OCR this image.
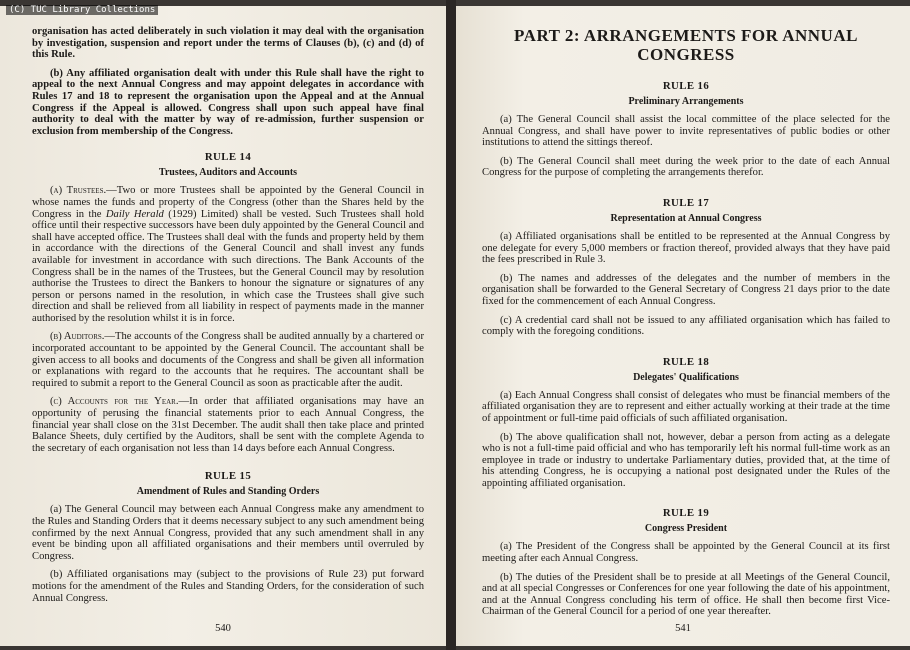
(C) TUC Library Collections

organisation has acted deliberately in such violation it may deal with the organisation by investigation, suspension and report under the terms of Clauses (b), (c) and (d) of this Rule.

(b) Any affiliated organisation dealt with under this Rule shall have the right to appeal to the next Annual Congress and may appoint delegates in accordance with Rules 17 and 18 to represent the organisation upon the Appeal and at the Annual Congress if the Appeal is allowed. Congress shall upon such appeal have final authority to deal with the matter by way of re-admission, further suspension or exclusion from membership of the Congress.

RULE 14
Trustees, Auditors and Accounts

(a) Trustees.—Two or more Trustees shall be appointed by the General Council in whose names the funds and property of the Congress (other than the Shares held by the Congress in the Daily Herald (1929) Limited) shall be vested. Such Trustees shall hold office until their respective successors have been duly appointed by the General Council and shall have accepted office. The Trustees shall deal with the funds and property held by them in accordance with the directions of the General Council and shall invest any funds available for investment in accordance with such directions. The Bank Accounts of the Congress shall be in the names of the Trustees, but the General Council may by resolution authorise the Trustees to direct the Bankers to honour the signature or signatures of any person or persons named in the resolution, in which case the Trustees shall give such direction and shall be relieved from all liability in respect of payments made in the manner authorised by the resolution whilst it is in force.

(b) Auditors.—The accounts of the Congress shall be audited annually by a chartered or incorporated accountant to be appointed by the General Council. The accountant shall be given access to all books and documents of the Congress and shall be given all information or explanations with regard to the accounts that he requires. The accountant shall be required to submit a report to the General Council as soon as practicable after the audit.

(c) Accounts for the Year.—In order that affiliated organisations may have an opportunity of perusing the financial statements prior to each Annual Congress, the financial year shall close on the 31st December. The audit shall then take place and printed Balance Sheets, duly certified by the Auditors, shall be sent with the complete Agenda to the secretary of each organisation not less than 14 days before each Annual Congress.

RULE 15
Amendment of Rules and Standing Orders

(a) The General Council may between each Annual Congress make any amendment to the Rules and Standing Orders that it deems necessary subject to any such amendment being confirmed by the next Annual Congress, provided that any such amendment shall in any event be binding upon all affiliated organisations and their members until overruled by Congress.

(b) Affiliated organisations may (subject to the provisions of Rule 23) put forward motions for the amendment of the Rules and Standing Orders, for the consideration of such Annual Congress.

540
PART 2: ARRANGEMENTS FOR ANNUAL CONGRESS
RULE 16
Preliminary Arrangements

(a) The General Council shall assist the local committee of the place selected for the Annual Congress, and shall have power to invite representatives of public bodies or other institutions to attend the sittings thereof.

(b) The General Council shall meet during the week prior to the date of each Annual Congress for the purpose of completing the arrangements therefor.

RULE 17
Representation at Annual Congress

(a) Affiliated organisations shall be entitled to be represented at the Annual Congress by one delegate for every 5,000 members or fraction thereof, provided always that they have paid the fees prescribed in Rule 3.

(b) The names and addresses of the delegates and the number of members in the organisation shall be forwarded to the General Secretary of Congress 21 days prior to the date fixed for the commencement of each Annual Congress.

(c) A credential card shall not be issued to any affiliated organisation which has failed to comply with the foregoing conditions.

RULE 18
Delegates' Qualifications

(a) Each Annual Congress shall consist of delegates who must be financial members of the affiliated organisation they are to represent and either actually working at their trade at the time of appointment or full-time paid officials of such affiliated organisation.

(b) The above qualification shall not, however, debar a person from acting as a delegate who is not a full-time paid official and who has temporarily left his normal full-time work as an employee in trade or industry to undertake Parliamentary duties, provided that, at the time of his attending Congress, he is occupying a national post designated under the Rules of the appointing affiliated organisation.

RULE 19
Congress President

(a) The President of the Congress shall be appointed by the General Council at its first meeting after each Annual Congress.

(b) The duties of the President shall be to preside at all Meetings of the General Council, and at all special Congresses or Conferences for one year following the date of his appointment, and at the Annual Congress concluding his term of office. He shall then become first Vice-Chairman of the General Council for a period of one year thereafter.

541
